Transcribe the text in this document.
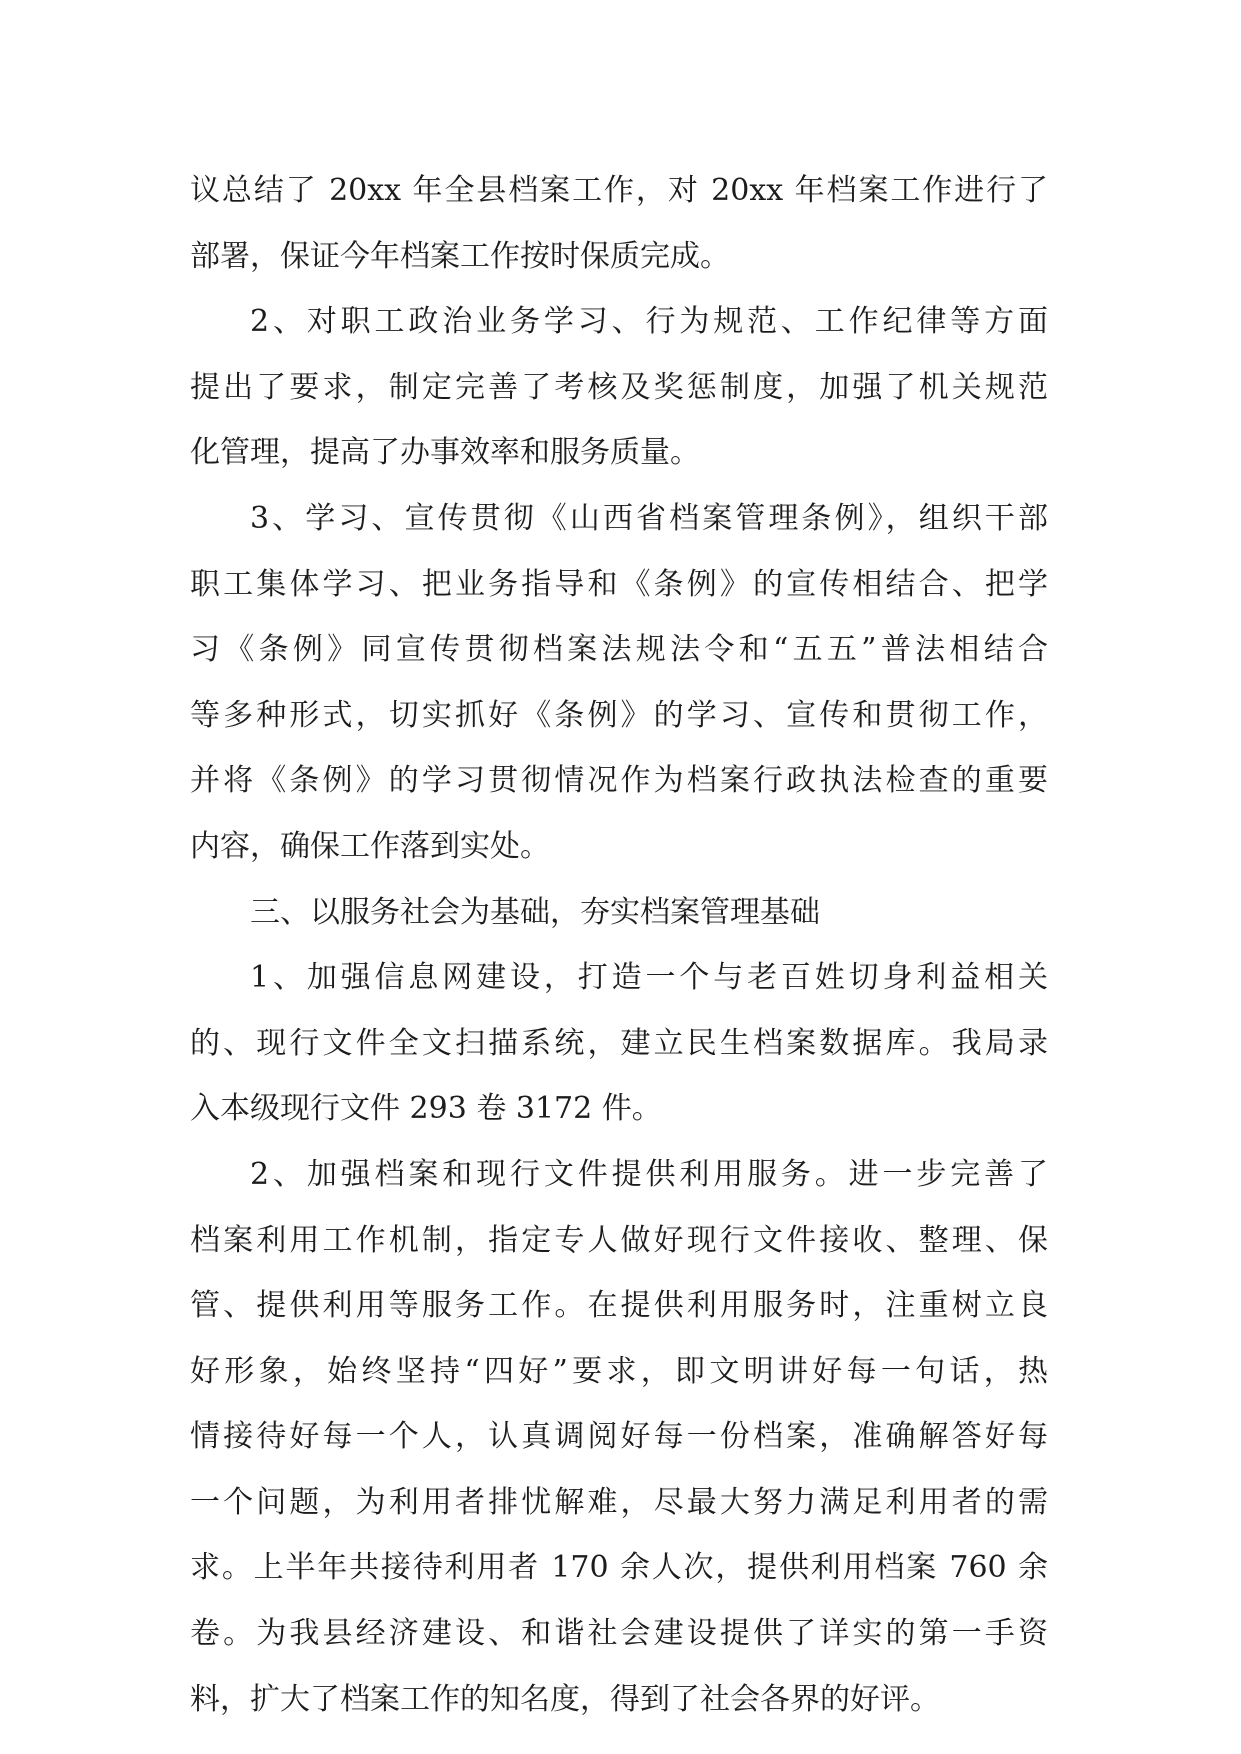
议总结了 20xx 年全县档案工作，对 20xx 年档案工作进行了
部署，保证今年档案工作按时保质完成。
2、对职工政治业务学习、行为规范、工作纪律等方面
提出了要求，制定完善了考核及奖惩制度，加强了机关规范
化管理，提高了办事效率和服务质量。
3、学习、宣传贯彻《山西省档案管理条例》，组织干部
职工集体学习、把业务指导和《条例》的宣传相结合、把学
习《条例》同宣传贯彻档案法规法令和“五五”普法相结合
等多种形式，切实抓好《条例》的学习、宣传和贯彻工作，
并将《条例》的学习贯彻情况作为档案行政执法检查的重要
内容，确保工作落到实处。
三、以服务社会为基础，夯实档案管理基础
1、加强信息网建设，打造一个与老百姓切身利益相关
的、现行文件全文扫描系统，建立民生档案数据库。我局录
入本级现行文件 293 卷 3172 件。
2、加强档案和现行文件提供利用服务。进一步完善了
档案利用工作机制，指定专人做好现行文件接收、整理、保
管、提供利用等服务工作。在提供利用服务时，注重树立良
好形象，始终坚持“四好”要求，即文明讲好每一句话，热
情接待好每一个人，认真调阅好每一份档案，准确解答好每
一个问题，为利用者排忧解难，尽最大努力满足利用者的需
求。上半年共接待利用者 170 余人次，提供利用档案 760 余
卷。为我县经济建设、和谐社会建设提供了详实的第一手资
料，扩大了档案工作的知名度，得到了社会各界的好评。
